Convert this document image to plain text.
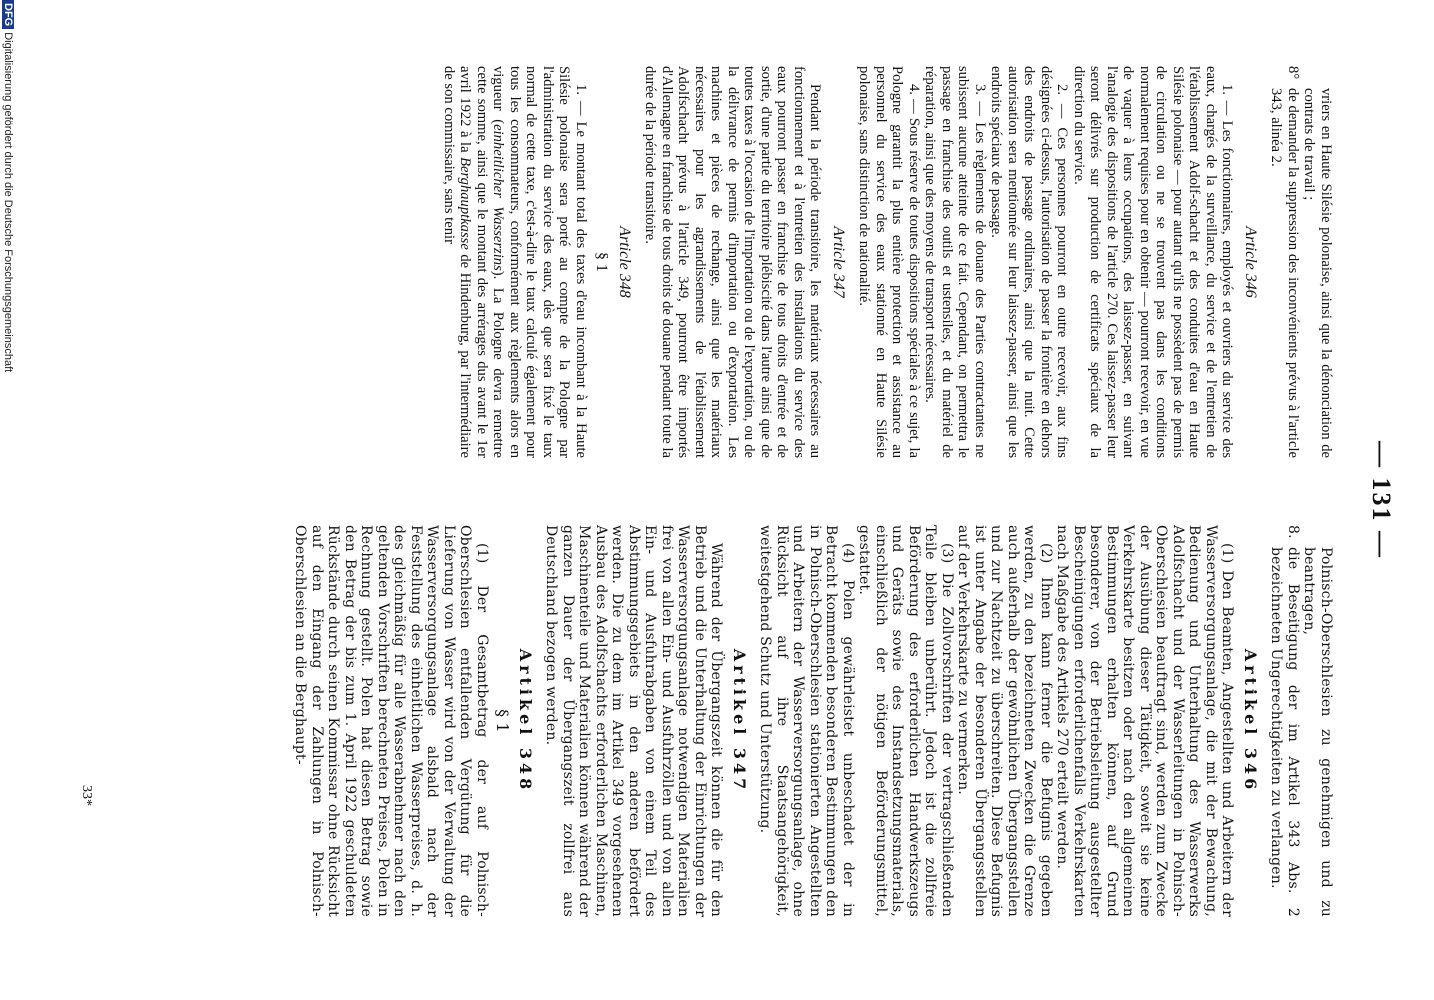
— 131 —

vriers en Haute Silésie polonaise, ainsi que la dénonciation de contrats de travail ;

8°
de demander la suppression des inconvénients prévus à l'article 343, alinéa 2.

Article 346

1. — Les fonctionnaires, employés et ouvriers du service des eaux, chargés de la surveillance, du service et de l'entretien de l'établissement Adolf-schacht et des conduites d'eau en Haute Silésie polonaise — pour autant qu'ils ne possèdent pas de permis de circulation ou ne se trouvent pas dans les conditions normalement requises pour en obtenir — pourront recevoir, en vue de vaquer à leurs occupations, des laissez-passer, en suivant l'analogie des dispositions de l'article 270. Ces laissez-passer leur seront délivrés sur production de certificats spéciaux de la direction du service.

2. — Ces personnes pourront en outre recevoir, aux fins désignées ci-dessus, l'autorisation de passer la frontière en dehors des endroits de passage ordinaires, ainsi que la nuit. Cette autorisation sera mentionnée sur leur laissez-passer, ainsi que les endroits spéciaux de passage.

3. — Les règlements de douane des Parties contractantes ne subissent aucune atteinte de ce fait. Cependant, on permettra le passage en franchise des outils et ustensiles, et du matériel de réparation, ainsi que des moyens de transport nécessaires.

4. — Sous réserve de toutes dispositions spéciales à ce sujet, la Pologne garantit la plus entière protection et assistance au personnel du service des eaux stationné en Haute Silésie polonaise, sans distinction de nationalité.

Article 347

Pendant la période transitoire, les matériaux nécessaires au fonctionnement et à l'entretien des installations du service des eaux pourront passer en franchise de tous droits d'entrée et de sortie, d'une partie du territoire plébiscité dans l'autre ainsi que de toutes taxes à l'occasion de l'importation ou de l'exportation, ou de la délivrance de permis d'importation ou d'exportation. Les machines et pièces de rechange, ainsi que les matériaux nécessaires pour les agrandissements de l'établissement Adolfschacht prévus à l'article 349, pourront être importés d'Allemagne en franchise de tous droits de douane pendant toute la durée de la période transitoire.

Article 348
§ 1

1. — Le montant total des taxes d'eau incombant à la Haute Silésie polonaise sera porté au compte de la Pologne par l'administration du service des eaux, dès que sera fixé le taux normal de cette taxe, c'est-à-dire le taux calculé également pour tous les consommateurs, conformément aux règlements alors en vigueur (einheitlicher Wasserzins). La Pologne devra remettre cette somme, ainsi que le montant des arrérages dus avant le 1er avril 1922 à la Berghauptkasse de Hindenburg, par l'intermédiaire de son commissaire, sans tenir

Polnisch-Oberschlesien zu genehmigen und zu beantragen,

8.
die Beseitigung der im Artikel 343 Abs. 2 bezeichneten Ungerechtigkeiten zu verlangen.

Artikel 346

(1) Den Beamten, Angestellten und Arbeitern der Wasserversorgungsanlage, die mit der Bewachung, Bedienung und Unterhaltung des Wasserwerks Adolfschacht und der Wasserleitungen in Polnisch-Oberschlesien beauftragt sind, werden zum Zwecke der Ausübung dieser Tätigkeit, soweit sie keine Verkehrskarte besitzen oder nach den allgemeinen Bestimmungen erhalten können, auf Grund besonderer, von der Betriebsleitung ausgestellter Bescheinigungen erforderlichenfalls Verkehrskarten nach Maßgabe des Artikels 270 erteilt werden.

(2) Ihnen kann ferner die Befugnis gegeben werden, zu den bezeichneten Zwecken die Grenze auch außerhalb der gewöhnlichen Übergangsstellen und zur Nachtzeit zu überschreiten. Diese Befugnis ist unter Angabe der besonderen Übergangsstellen auf der Verkehrskarte zu vermerken.

(3) Die Zollvorschriften der vertragschließenden Teile bleiben unberührt. Jedoch ist die zollfreie Beförderung des erforderlichen Handwerkszeugs und Geräts sowie des Instandsetzungsmaterials, einschließlich der nötigen Beförderungsmittel, gestattet.

(4) Polen gewährleistet unbeschadet der in Betracht kommenden besonderen Bestimmungen den in Polnisch-Oberschlesien stationierten Angestellten und Arbeitern der Wasserversorgungsanlage, ohne Rücksicht auf ihre Staatsangehörigkeit, weitestgehend Schutz und Unterstützung.

Artikel 347

Während der Übergangszeit können die für den Betrieb und die Unterhaltung der Einrichtungen der Wasserversorgungsanlage notwendigen Materialien frei von allen Ein- und Ausfuhrzöllen und von allen Ein- und Ausfuhrabgaben von einem Teil des Abstimmungsgebiets in den anderen befördert werden. Die zu dem im Artikel 349 vorgesehenen Ausbau des Adolfschachts erforderlichen Maschinen, Maschinenteile und Materialien können während der ganzen Dauer der Übergangszeit zollfrei aus Deutschland bezogen werden.

Artikel 348
§ 1

(1) Der Gesamtbetrag der auf Polnisch-Oberschlesien entfallenden Vergütung für die Lieferung von Wasser wird von der Verwaltung der Wasserversorgungsanlage alsbald nach der Feststellung des einheitlichen Wasserpreises, d. h. des gleichmäßig für alle Wasserabnehmer nach den geltenden Vorschriften berechneten Preises, Polen in Rechnung gestellt. Polen hat diesen Betrag sowie den Betrag der bis zum 1. April 1922 geschuldeten Rückstände durch seinen Kommissar ohne Rücksicht auf den Eingang der Zahlungen in Polnisch-Oberschlesien an die Berghaupt-

33*
DFGDigitalisierung gefördert durch die Deutsche Forschungsgemeinschaft
